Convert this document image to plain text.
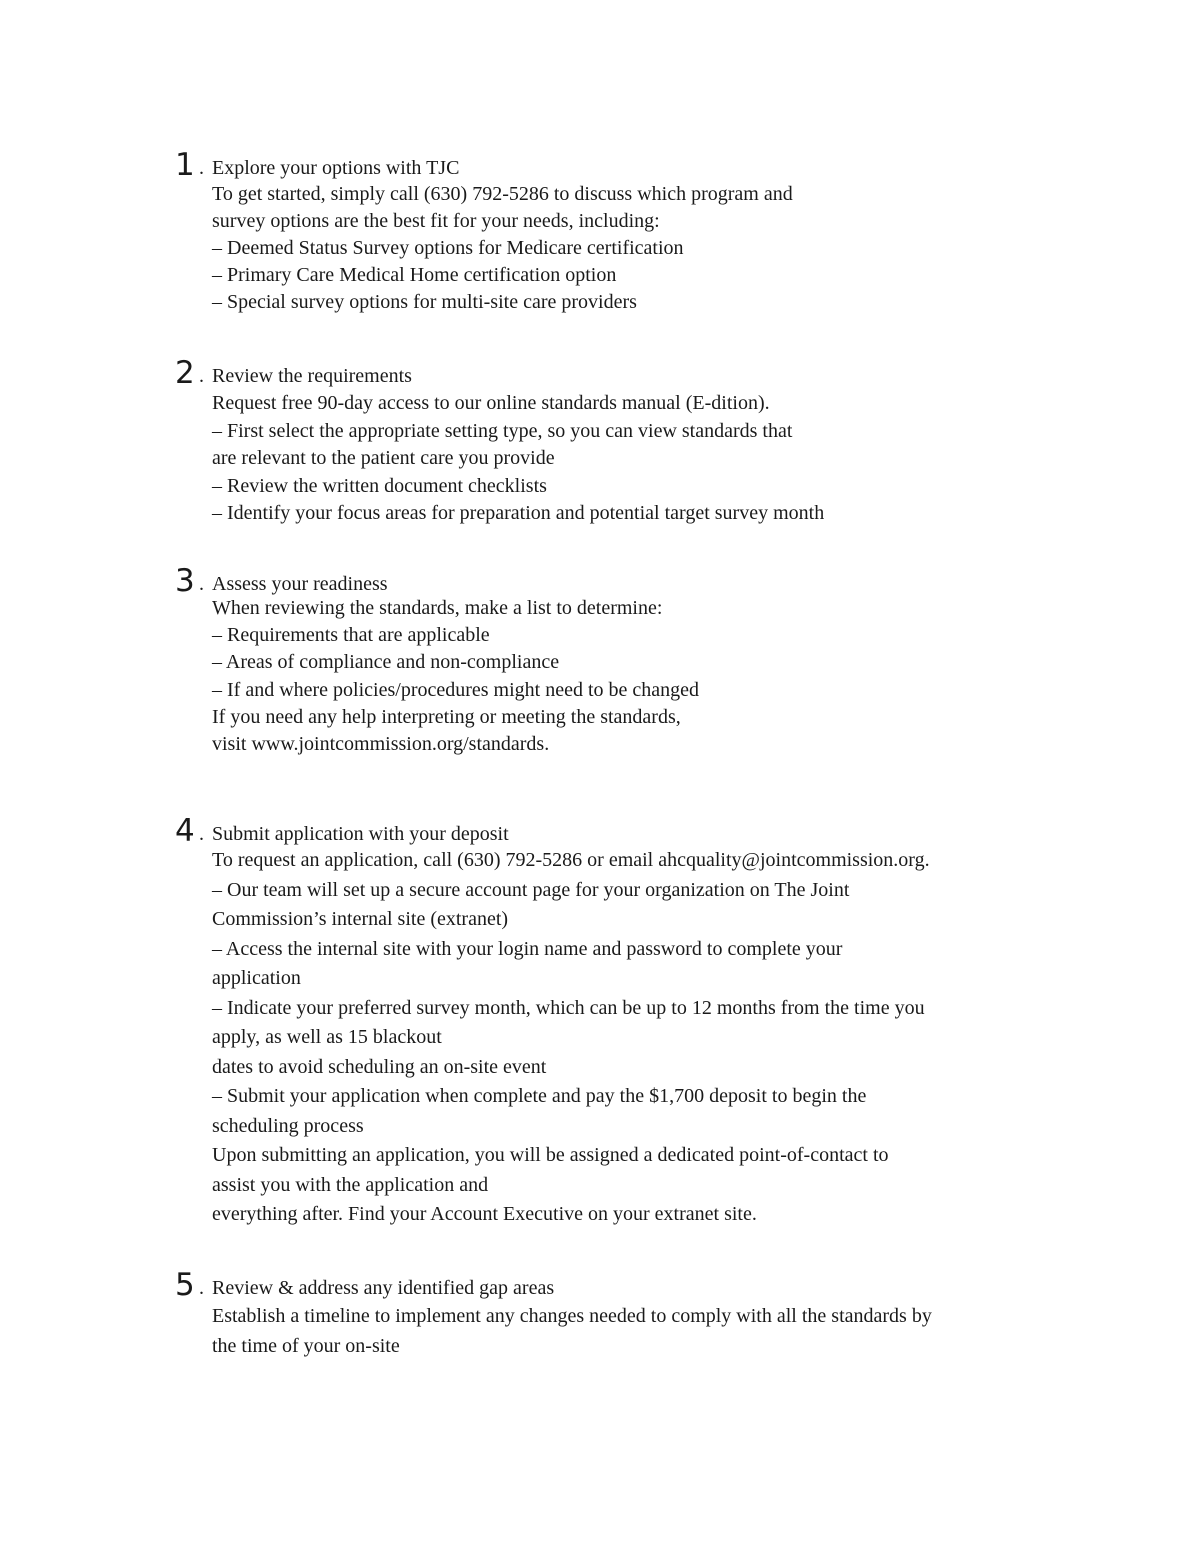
1 . Explore your options with TJC
To get started, simply call (630) 792-5286 to discuss which program and
survey options are the best fit for your needs, including:
– Deemed Status Survey options for Medicare certification
– Primary Care Medical Home certification option
– Special survey options for multi-site care providers
2 . Review the requirements
Request free 90-day access to our online standards manual (E-dition).
– First select the appropriate setting type, so you can view standards that
are relevant to the patient care you provide
– Review the written document checklists
– Identify your focus areas for preparation and potential target survey month
3 . Assess your readiness
When reviewing the standards, make a list to determine:
– Requirements that are applicable
– Areas of compliance and non-compliance
– If and where policies/procedures might need to be changed
If you need any help interpreting or meeting the standards,
visit www.jointcommission.org/standards.
4 . Submit application with your deposit
To request an application, call (630) 792-5286 or email ahcquality@jointcommission.org.
– Our team will set up a secure account page for your organization on The Joint
Commission’s internal site (extranet)
– Access the internal site with your login name and password to complete your
application
– Indicate your preferred survey month, which can be up to 12 months from the time you
apply, as well as 15 blackout
dates to avoid scheduling an on-site event
– Submit your application when complete and pay the $1,700 deposit to begin the
scheduling process
Upon submitting an application, you will be assigned a dedicated point-of-contact to
assist you with the application and
everything after. Find your Account Executive on your extranet site.
5 . Review & address any identified gap areas
Establish a timeline to implement any changes needed to comply with all the standards by
the time of your on-site
